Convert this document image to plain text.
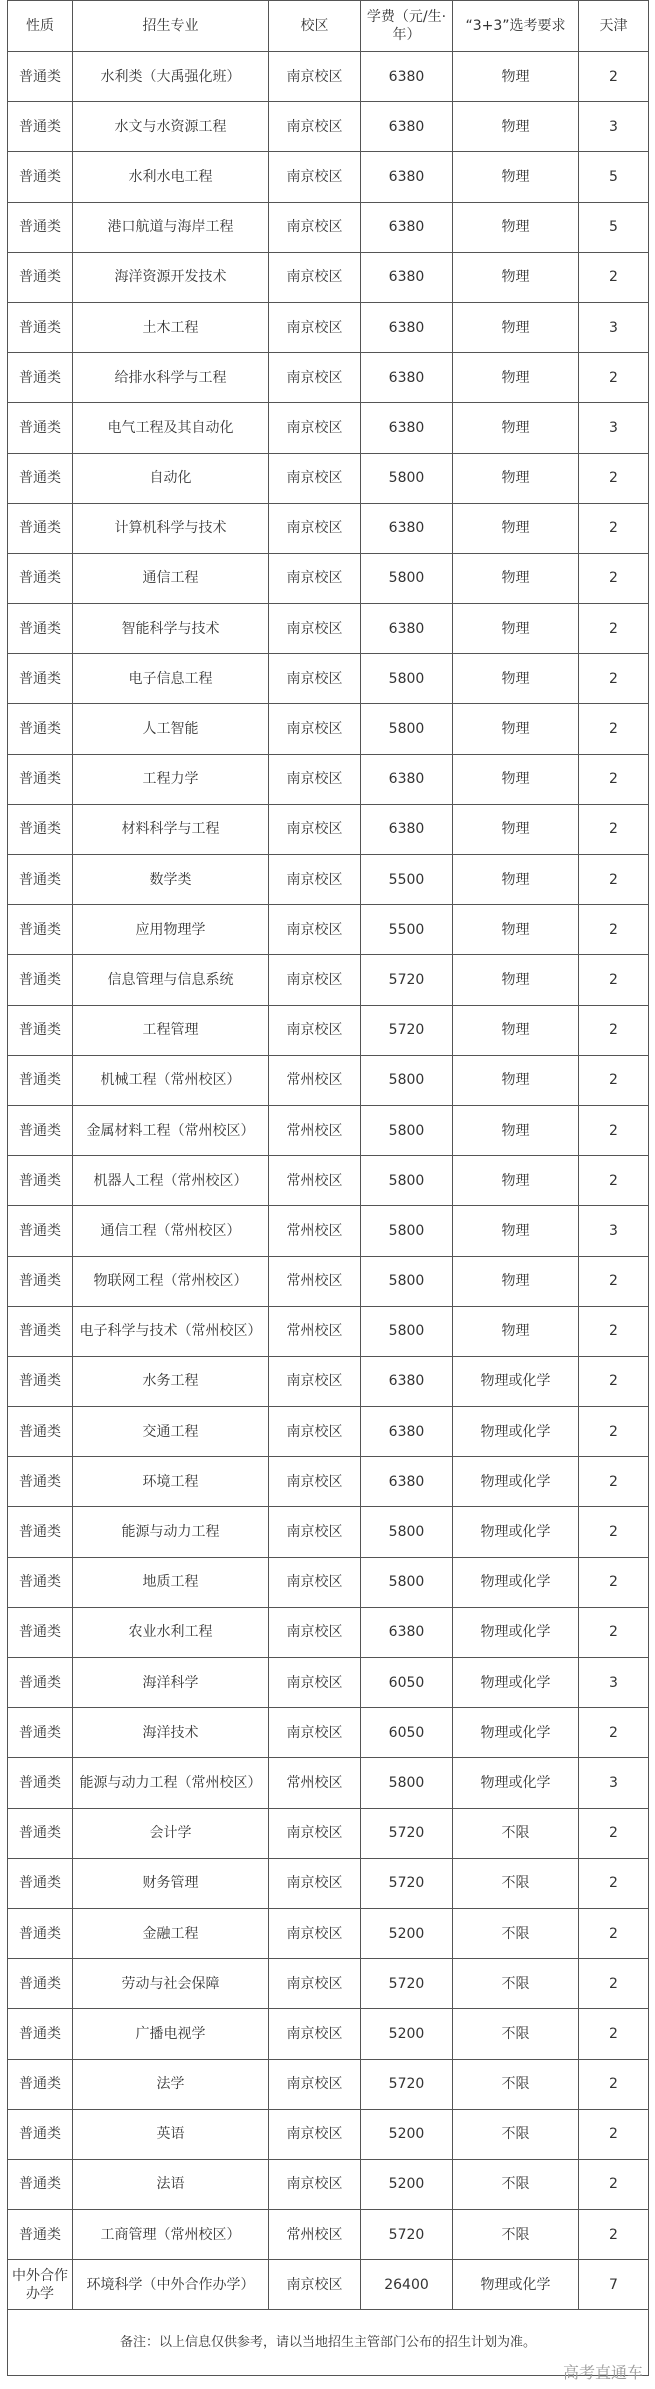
性质	招生专业	校区	学费（元/生·年）	“3+3”选考要求	天津
普通类	水利类（大禹强化班）	南京校区	6380	物理	2
普通类	水文与水资源工程	南京校区	6380	物理	3
普通类	水利水电工程	南京校区	6380	物理	5
普通类	港口航道与海岸工程	南京校区	6380	物理	5
普通类	海洋资源开发技术	南京校区	6380	物理	2
普通类	土木工程	南京校区	6380	物理	3
普通类	给排水科学与工程	南京校区	6380	物理	2
普通类	电气工程及其自动化	南京校区	6380	物理	3
普通类	自动化	南京校区	5800	物理	2
普通类	计算机科学与技术	南京校区	6380	物理	2
普通类	通信工程	南京校区	5800	物理	2
普通类	智能科学与技术	南京校区	6380	物理	2
普通类	电子信息工程	南京校区	5800	物理	2
普通类	人工智能	南京校区	5800	物理	2
普通类	工程力学	南京校区	6380	物理	2
普通类	材料科学与工程	南京校区	6380	物理	2
普通类	数学类	南京校区	5500	物理	2
普通类	应用物理学	南京校区	5500	物理	2
普通类	信息管理与信息系统	南京校区	5720	物理	2
普通类	工程管理	南京校区	5720	物理	2
普通类	机械工程（常州校区）	常州校区	5800	物理	2
普通类	金属材料工程（常州校区）	常州校区	5800	物理	2
普通类	机器人工程（常州校区）	常州校区	5800	物理	2
普通类	通信工程（常州校区）	常州校区	5800	物理	3
普通类	物联网工程（常州校区）	常州校区	5800	物理	2
普通类	电子科学与技术（常州校区）	常州校区	5800	物理	2
普通类	水务工程	南京校区	6380	物理或化学	2
普通类	交通工程	南京校区	6380	物理或化学	2
普通类	环境工程	南京校区	6380	物理或化学	2
普通类	能源与动力工程	南京校区	5800	物理或化学	2
普通类	地质工程	南京校区	5800	物理或化学	2
普通类	农业水利工程	南京校区	6380	物理或化学	2
普通类	海洋科学	南京校区	6050	物理或化学	3
普通类	海洋技术	南京校区	6050	物理或化学	2
普通类	能源与动力工程（常州校区）	常州校区	5800	物理或化学	3
普通类	会计学	南京校区	5720	不限	2
普通类	财务管理	南京校区	5720	不限	2
普通类	金融工程	南京校区	5200	不限	2
普通类	劳动与社会保障	南京校区	5720	不限	2
普通类	广播电视学	南京校区	5200	不限	2
普通类	法学	南京校区	5720	不限	2
普通类	英语	南京校区	5200	不限	2
普通类	法语	南京校区	5200	不限	2
普通类	工商管理（常州校区）	常州校区	5720	不限	2
中外合作办学	环境科学（中外合作办学）	南京校区	26400	物理或化学	7
备注：以上信息仅供参考，请以当地招生主管部门公布的招生计划为准。					
高考直通车
